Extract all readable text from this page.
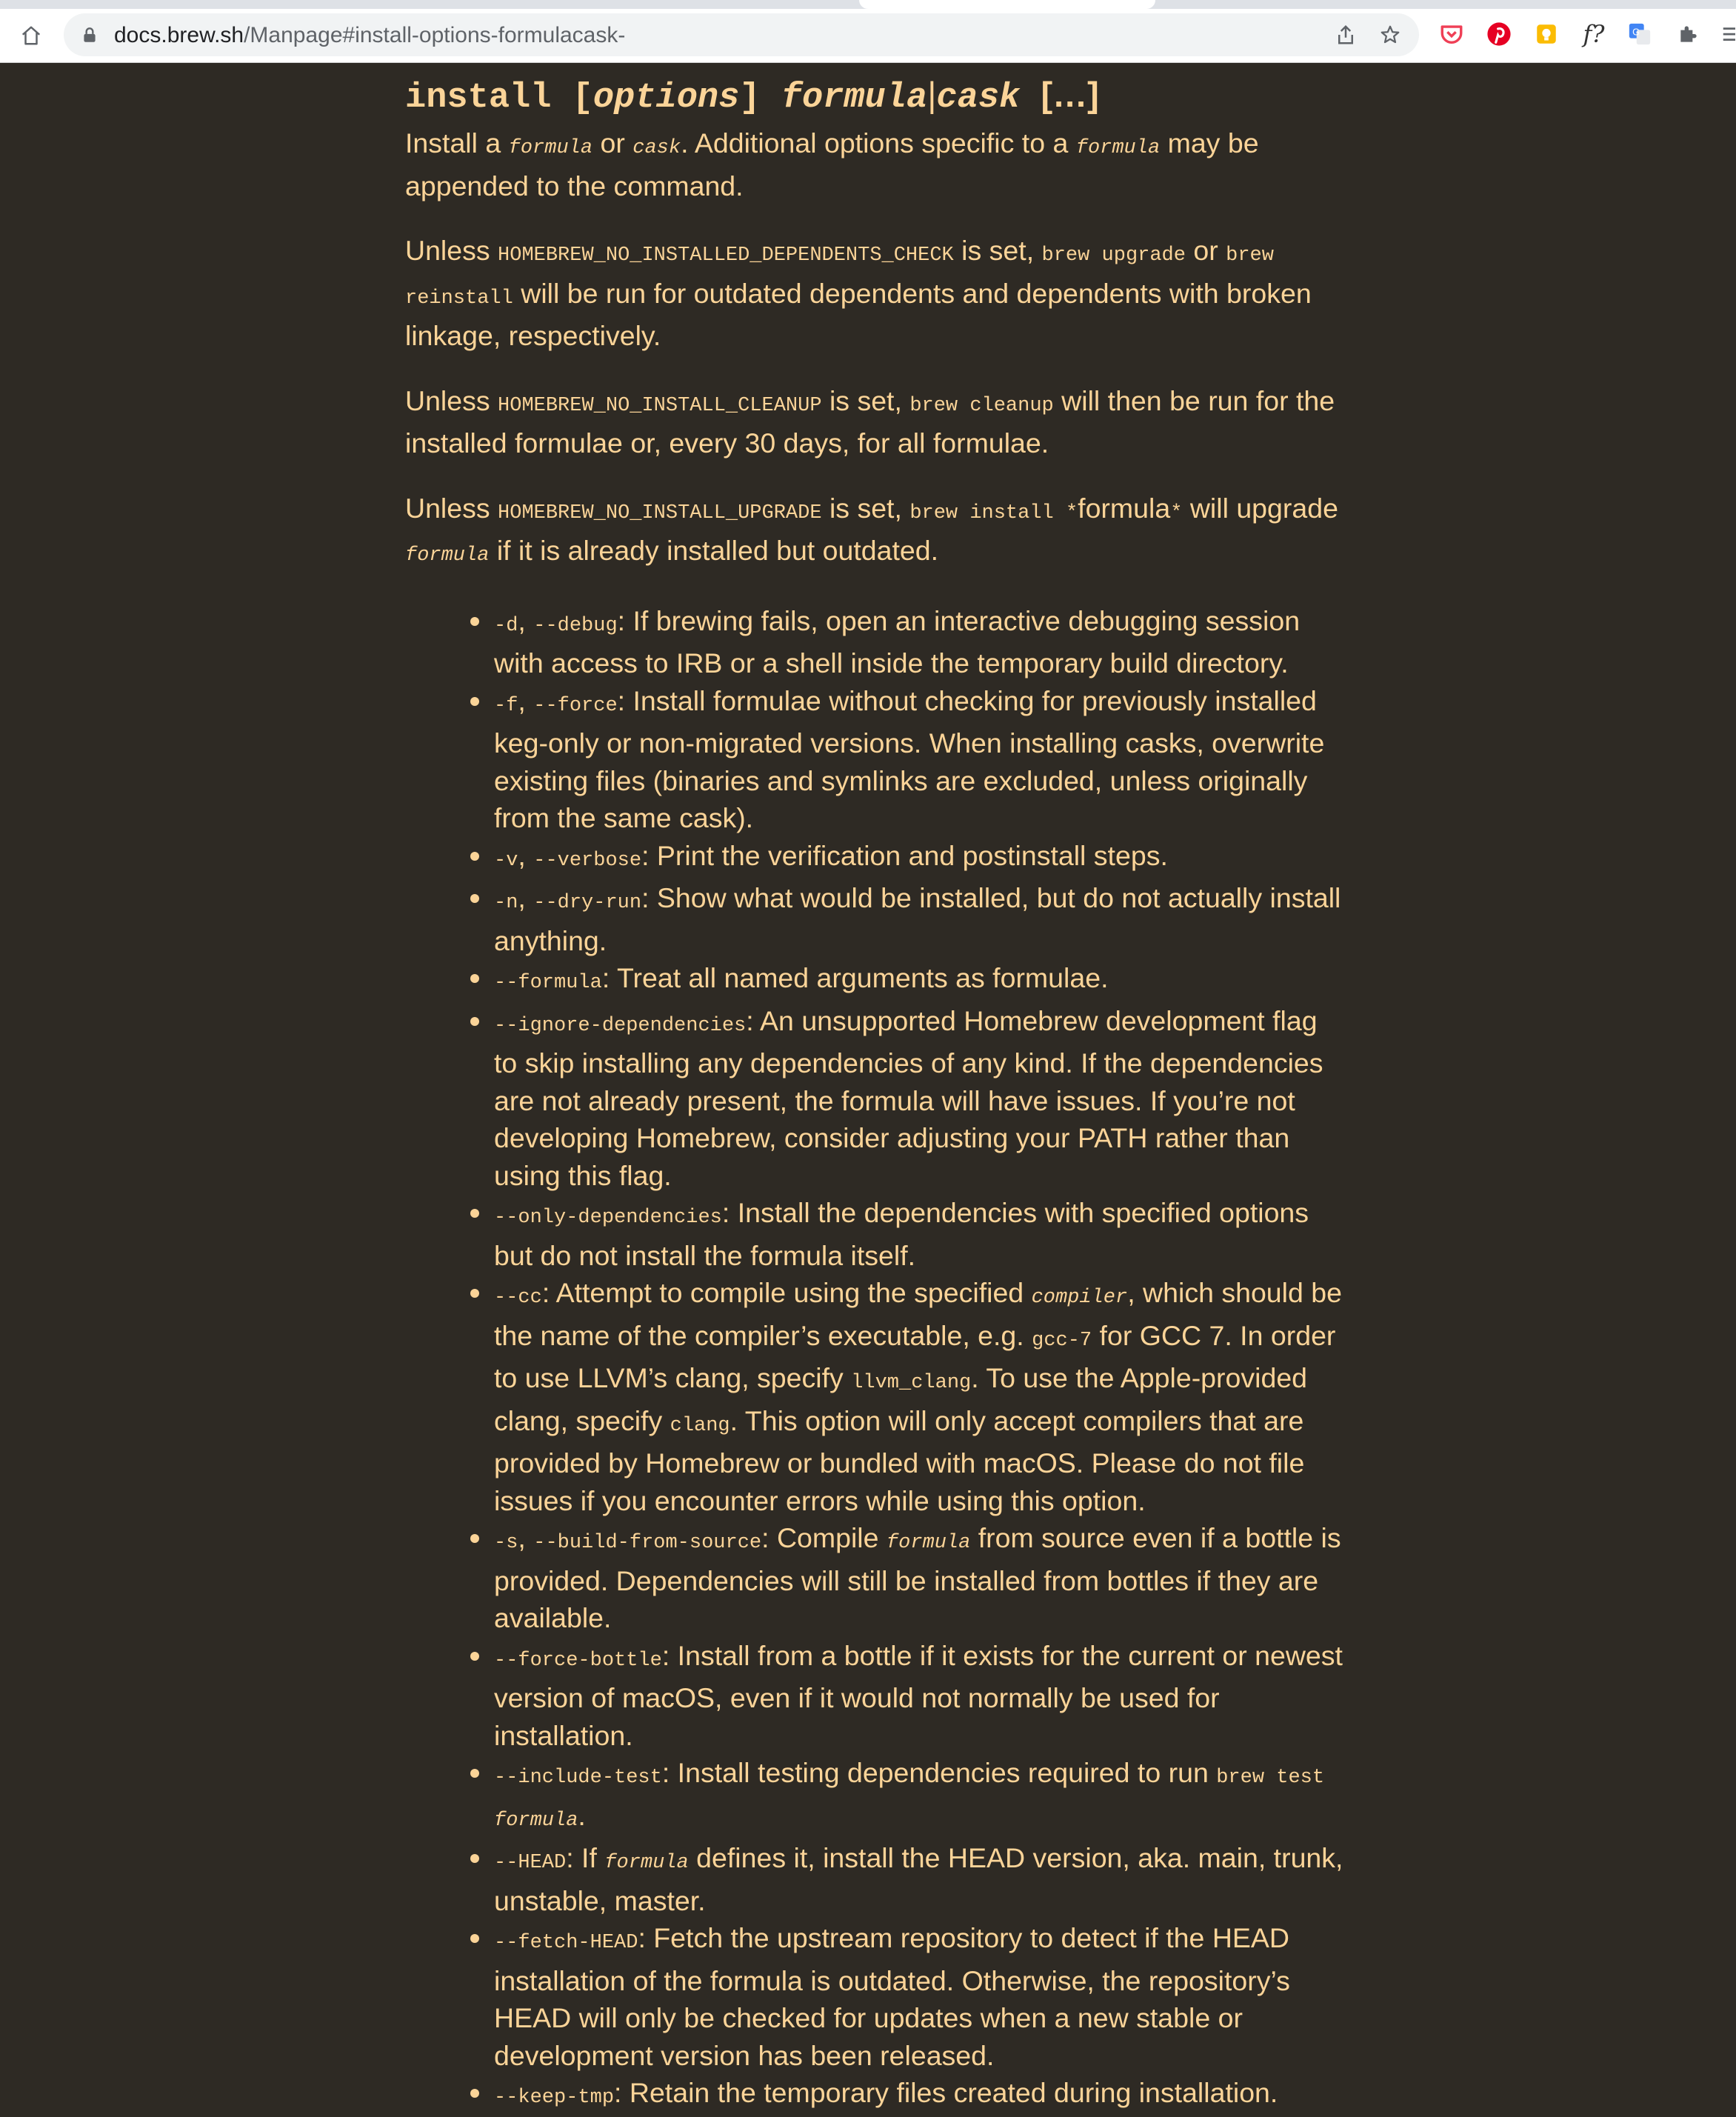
docs.brew.sh/Manpage#install-options-formulacask-	f?	G
install [options] formula|cask […]

Install a formula or cask. Additional options specific to a formula may be appended to the command.

Unless HOMEBREW_NO_INSTALLED_DEPENDENTS_CHECK is set, brew upgrade or brew reinstall will be run for outdated dependents and dependents with broken linkage, respectively.

Unless HOMEBREW_NO_INSTALL_CLEANUP is set, brew cleanup will then be run for the installed formulae or, every 30 days, for all formulae.

Unless HOMEBREW_NO_INSTALL_UPGRADE is set, brew install *formula* will upgrade formula if it is already installed but outdated.

-d, --debug: If brewing fails, open an interactive debugging session with access to IRB or a shell inside the temporary build directory.
-f, --force: Install formulae without checking for previously installed keg-only or non-migrated versions. When installing casks, overwrite existing files (binaries and symlinks are excluded, unless originally from the same cask).
-v, --verbose: Print the verification and postinstall steps.
-n, --dry-run: Show what would be installed, but do not actually install anything.
--formula: Treat all named arguments as formulae.
--ignore-dependencies: An unsupported Homebrew development flag to skip installing any dependencies of any kind. If the dependencies are not already present, the formula will have issues. If you’re not developing Homebrew, consider adjusting your PATH rather than using this flag.
--only-dependencies: Install the dependencies with specified options but do not install the formula itself.
--cc: Attempt to compile using the specified compiler, which should be the name of the compiler’s executable, e.g. gcc-7 for GCC 7. In order to use LLVM’s clang, specify llvm_clang. To use the Apple-provided clang, specify clang. This option will only accept compilers that are provided by Homebrew or bundled with macOS. Please do not file issues if you encounter errors while using this option.
-s, --build-from-source: Compile formula from source even if a bottle is provided. Dependencies will still be installed from bottles if they are available.
--force-bottle: Install from a bottle if it exists for the current or newest version of macOS, even if it would not normally be used for installation.
--include-test: Install testing dependencies required to run brew test formula.
--HEAD: If formula defines it, install the HEAD version, aka. main, trunk, unstable, master.
--fetch-HEAD: Fetch the upstream repository to detect if the HEAD installation of the formula is outdated. Otherwise, the repository’s HEAD will only be checked for updates when a new stable or development version has been released.
--keep-tmp: Retain the temporary files created during installation.
